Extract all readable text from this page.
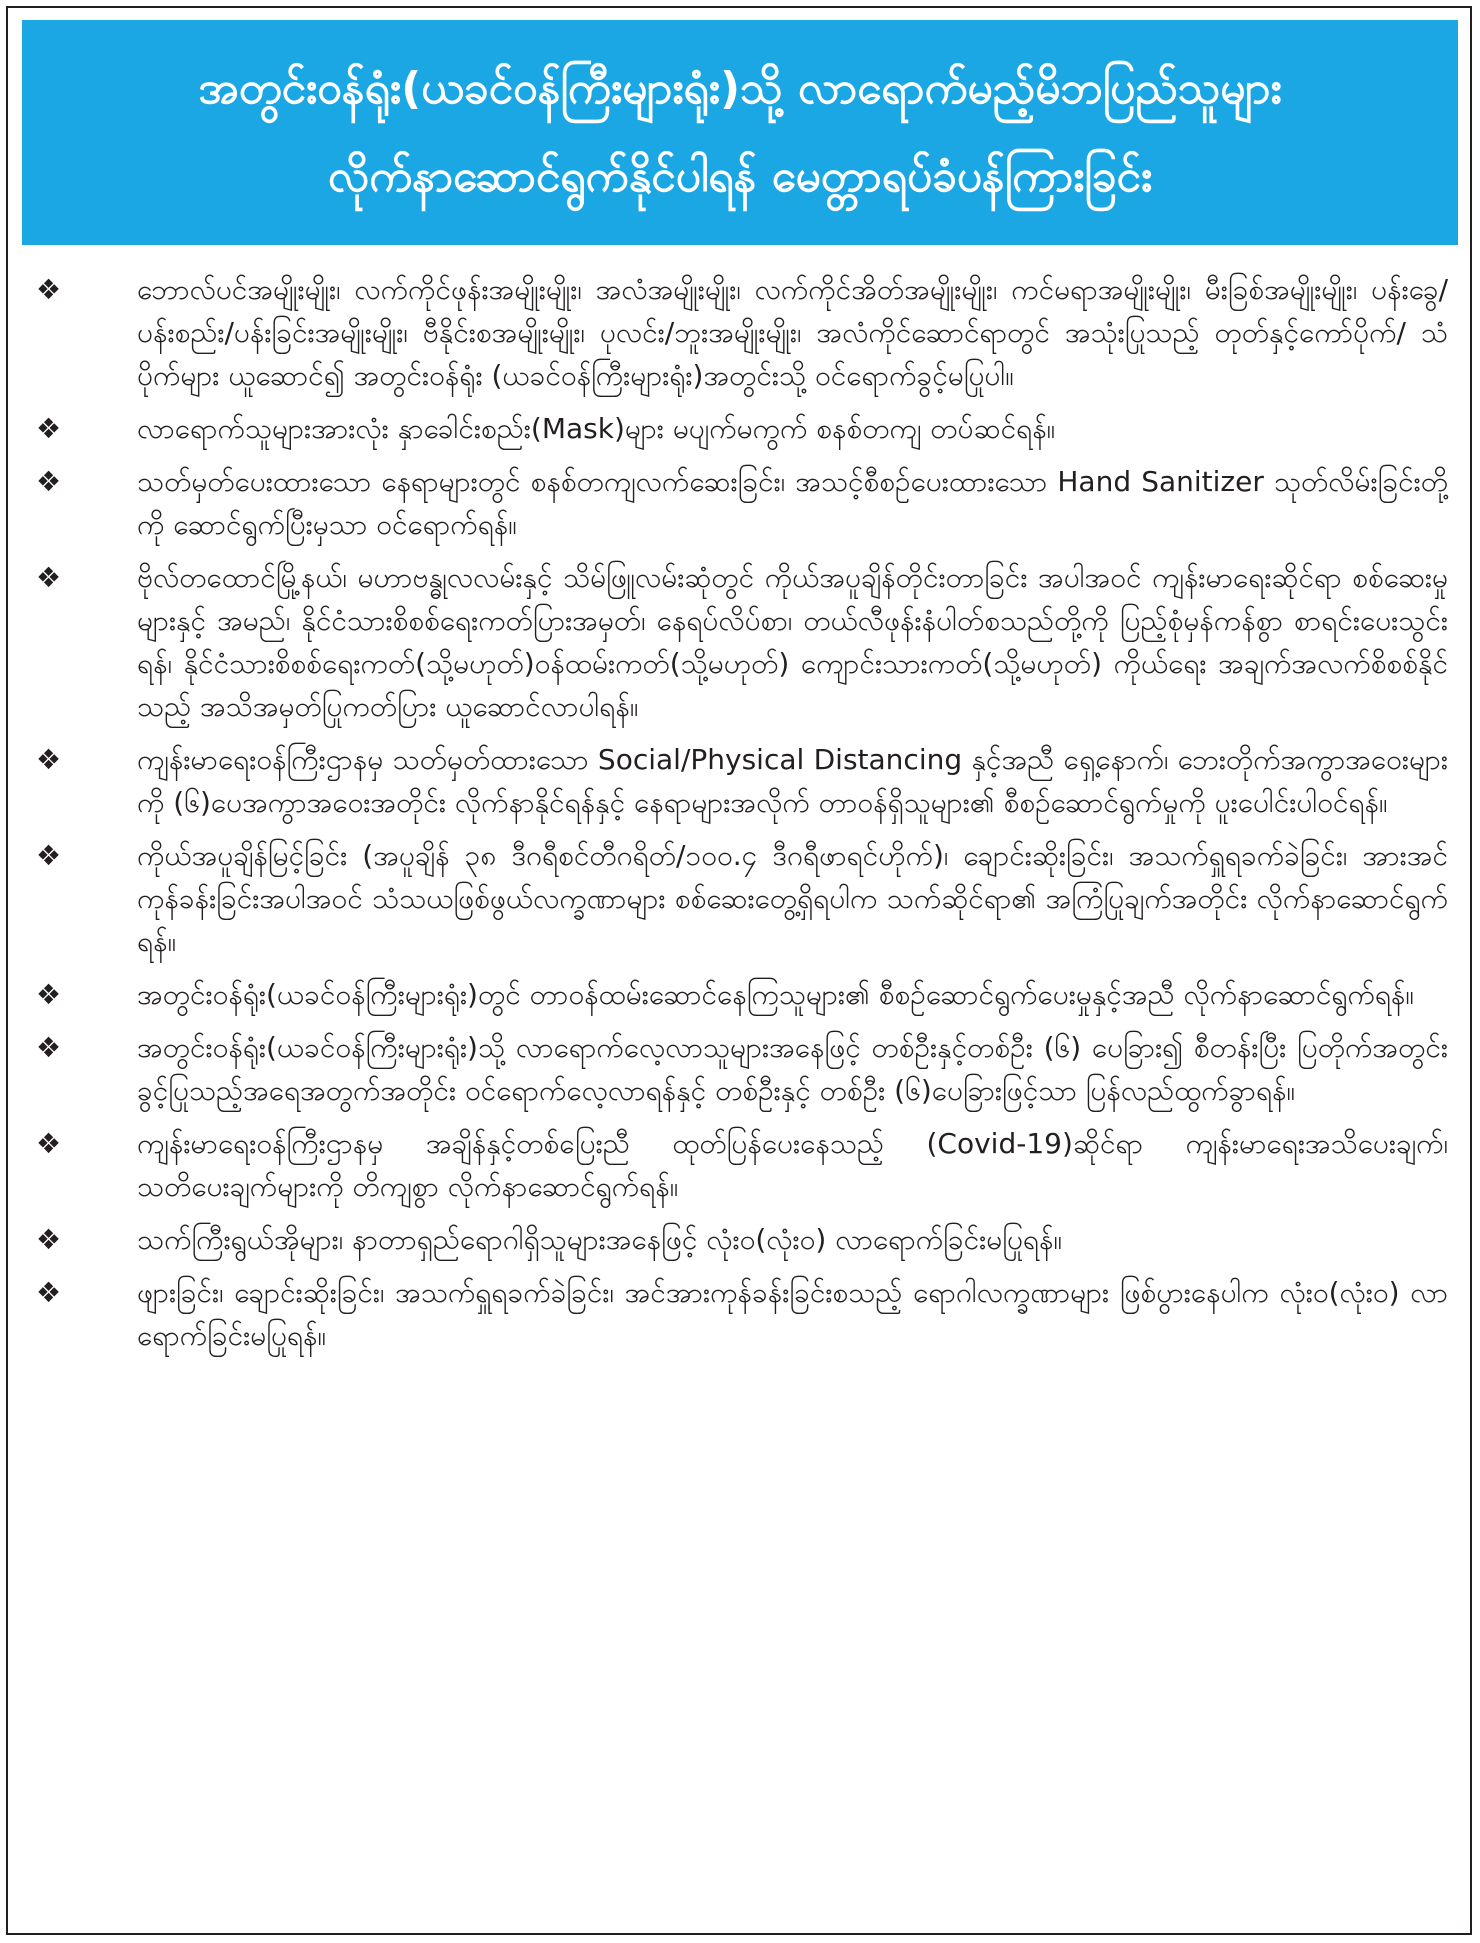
အတွင်းဝန်ရုံး(ယခင်ဝန်ကြီးများရုံး)သို့ လာရောက်မည့်မိဘပြည်သူများ
လိုက်နာဆောင်ရွက်နိုင်ပါရန် မေတ္တာရပ်ခံပန်ကြားခြင်း
❖	ဘောလ်ပင်အမျိုးမျိုး၊ လက်ကိုင်ဖုန်းအမျိုးမျိုး၊ အလံအမျိုးမျိုး၊ လက်ကိုင်အိတ်အမျိုးမျိုး၊ ကင်မရာအမျိုးမျိုး၊ မီးခြစ်အမျိုးမျိုး၊ ပန်းခွေ/ပန်းစည်း/ပန်းခြင်းအမျိုးမျိုး၊ ဗီနိုင်းစအမျိုးမျိုး၊ ပုလင်း/ဘူးအမျိုးမျိုး၊ အလံကိုင်ဆောင်ရာတွင် အသုံးပြုသည့် တုတ်နှင့်ကော်ပိုက်/ သံပိုက်များ ယူဆောင်၍ အတွင်းဝန်ရုံး (ယခင်ဝန်ကြီးများရုံး)အတွင်းသို့ ဝင်ရောက်ခွင့်မပြုပါ။
❖	လာရောက်သူများအားလုံး နှာခေါင်းစည်း(Mask)များ မပျက်မကွက် စနစ်တကျ တပ်ဆင်ရန်။
❖	သတ်မှတ်ပေးထားသော နေရာများတွင် စနစ်တကျလက်ဆေးခြင်း၊ အသင့်စီစဉ်ပေးထားသော Hand Sanitizer သုတ်လိမ်းခြင်းတို့ကို ဆောင်ရွက်ပြီးမှသာ ဝင်ရောက်ရန်။
❖	ဗိုလ်တထောင်မြို့နယ်၊ မဟာဗန္ဓုလလမ်းနှင့် သိမ်ဖြူလမ်းဆုံတွင် ကိုယ်အပူချိန်တိုင်းတာခြင်း အပါအဝင် ကျန်းမာရေးဆိုင်ရာ စစ်ဆေးမှုများနှင့် အမည်၊ နိုင်ငံသားစိစစ်ရေးကတ်ပြားအမှတ်၊ နေရပ်လိပ်စာ၊ တယ်လီဖုန်းနံပါတ်စသည်တို့ကို ပြည့်စုံမှန်ကန်စွာ စာရင်းပေးသွင်းရန်၊ နိုင်ငံသားစိစစ်ရေးကတ်(သို့မဟုတ်)ဝန်ထမ်းကတ်(သို့မဟုတ်) ကျောင်းသားကတ်(သို့မဟုတ်) ကိုယ်ရေး အချက်အလက်စိစစ်နိုင်သည့် အသိအမှတ်ပြုကတ်ပြား ယူဆောင်လာပါရန်။
❖	ကျန်းမာရေးဝန်ကြီးဌာနမှ သတ်မှတ်ထားသော Social/Physical Distancing နှင့်အညီ ရှေ့နောက်၊ ဘေးတိုက်အကွာအဝေးများကို (၆)ပေအကွာအဝေးအတိုင်း လိုက်နာနိုင်ရန်နှင့် နေရာများအလိုက် တာဝန်ရှိသူများ၏ စီစဉ်ဆောင်ရွက်မှုကို ပူးပေါင်းပါဝင်ရန်။
❖	ကိုယ်အပူချိန်မြင့်ခြင်း (အပူချိန် ၃၈ ဒီဂရီစင်တီဂရိတ်/၁၀၀.၄ ဒီဂရီဖာရင်ဟိုက်)၊ ချောင်းဆိုးခြင်း၊ အသက်ရှူရခက်ခဲခြင်း၊ အားအင်ကုန်ခန်းခြင်းအပါအဝင် သံသယဖြစ်ဖွယ်လက္ခဏာများ စစ်ဆေးတွေ့ရှိရပါက သက်ဆိုင်ရာ၏ အကြံပြုချက်အတိုင်း လိုက်နာဆောင်ရွက်ရန်။
❖	အတွင်းဝန်ရုံး(ယခင်ဝန်ကြီးများရုံး)တွင် တာဝန်ထမ်းဆောင်နေကြသူများ၏ စီစဉ်ဆောင်ရွက်ပေးမှုနှင့်အညီ လိုက်နာဆောင်ရွက်ရန်။
❖	အတွင်းဝန်ရုံး(ယခင်ဝန်ကြီးများရုံး)သို့ လာရောက်လေ့လာသူများအနေဖြင့် တစ်ဦးနှင့်တစ်ဦး (၆) ပေခြား၍ စီတန်းပြီး ပြတိုက်အတွင်း ခွင့်ပြုသည့်အရေအတွက်အတိုင်း ဝင်ရောက်လေ့လာရန်နှင့် တစ်ဦးနှင့် တစ်ဦး (၆)ပေခြားဖြင့်သာ ပြန်လည်ထွက်ခွာရန်။
❖	ကျန်းမာရေးဝန်ကြီးဌာနမှ အချိန်နှင့်တစ်ပြေးညီ ထုတ်ပြန်ပေးနေသည့် (Covid-19)ဆိုင်ရာ ကျန်းမာရေးအသိပေးချက်၊ သတိပေးချက်များကို တိကျစွာ လိုက်နာဆောင်ရွက်ရန်။
❖	သက်ကြီးရွယ်အိုများ၊ နာတာရှည်ရောဂါရှိသူများအနေဖြင့် လုံးဝ(လုံးဝ) လာရောက်ခြင်းမပြုရန်။
❖	ဖျားခြင်း၊ ချောင်းဆိုးခြင်း၊ အသက်ရှူရခက်ခဲခြင်း၊ အင်အားကုန်ခန်းခြင်းစသည့် ရောဂါလက္ခဏာများ ဖြစ်ပွားနေပါက လုံးဝ(လုံးဝ) လာရောက်ခြင်းမပြုရန်။
